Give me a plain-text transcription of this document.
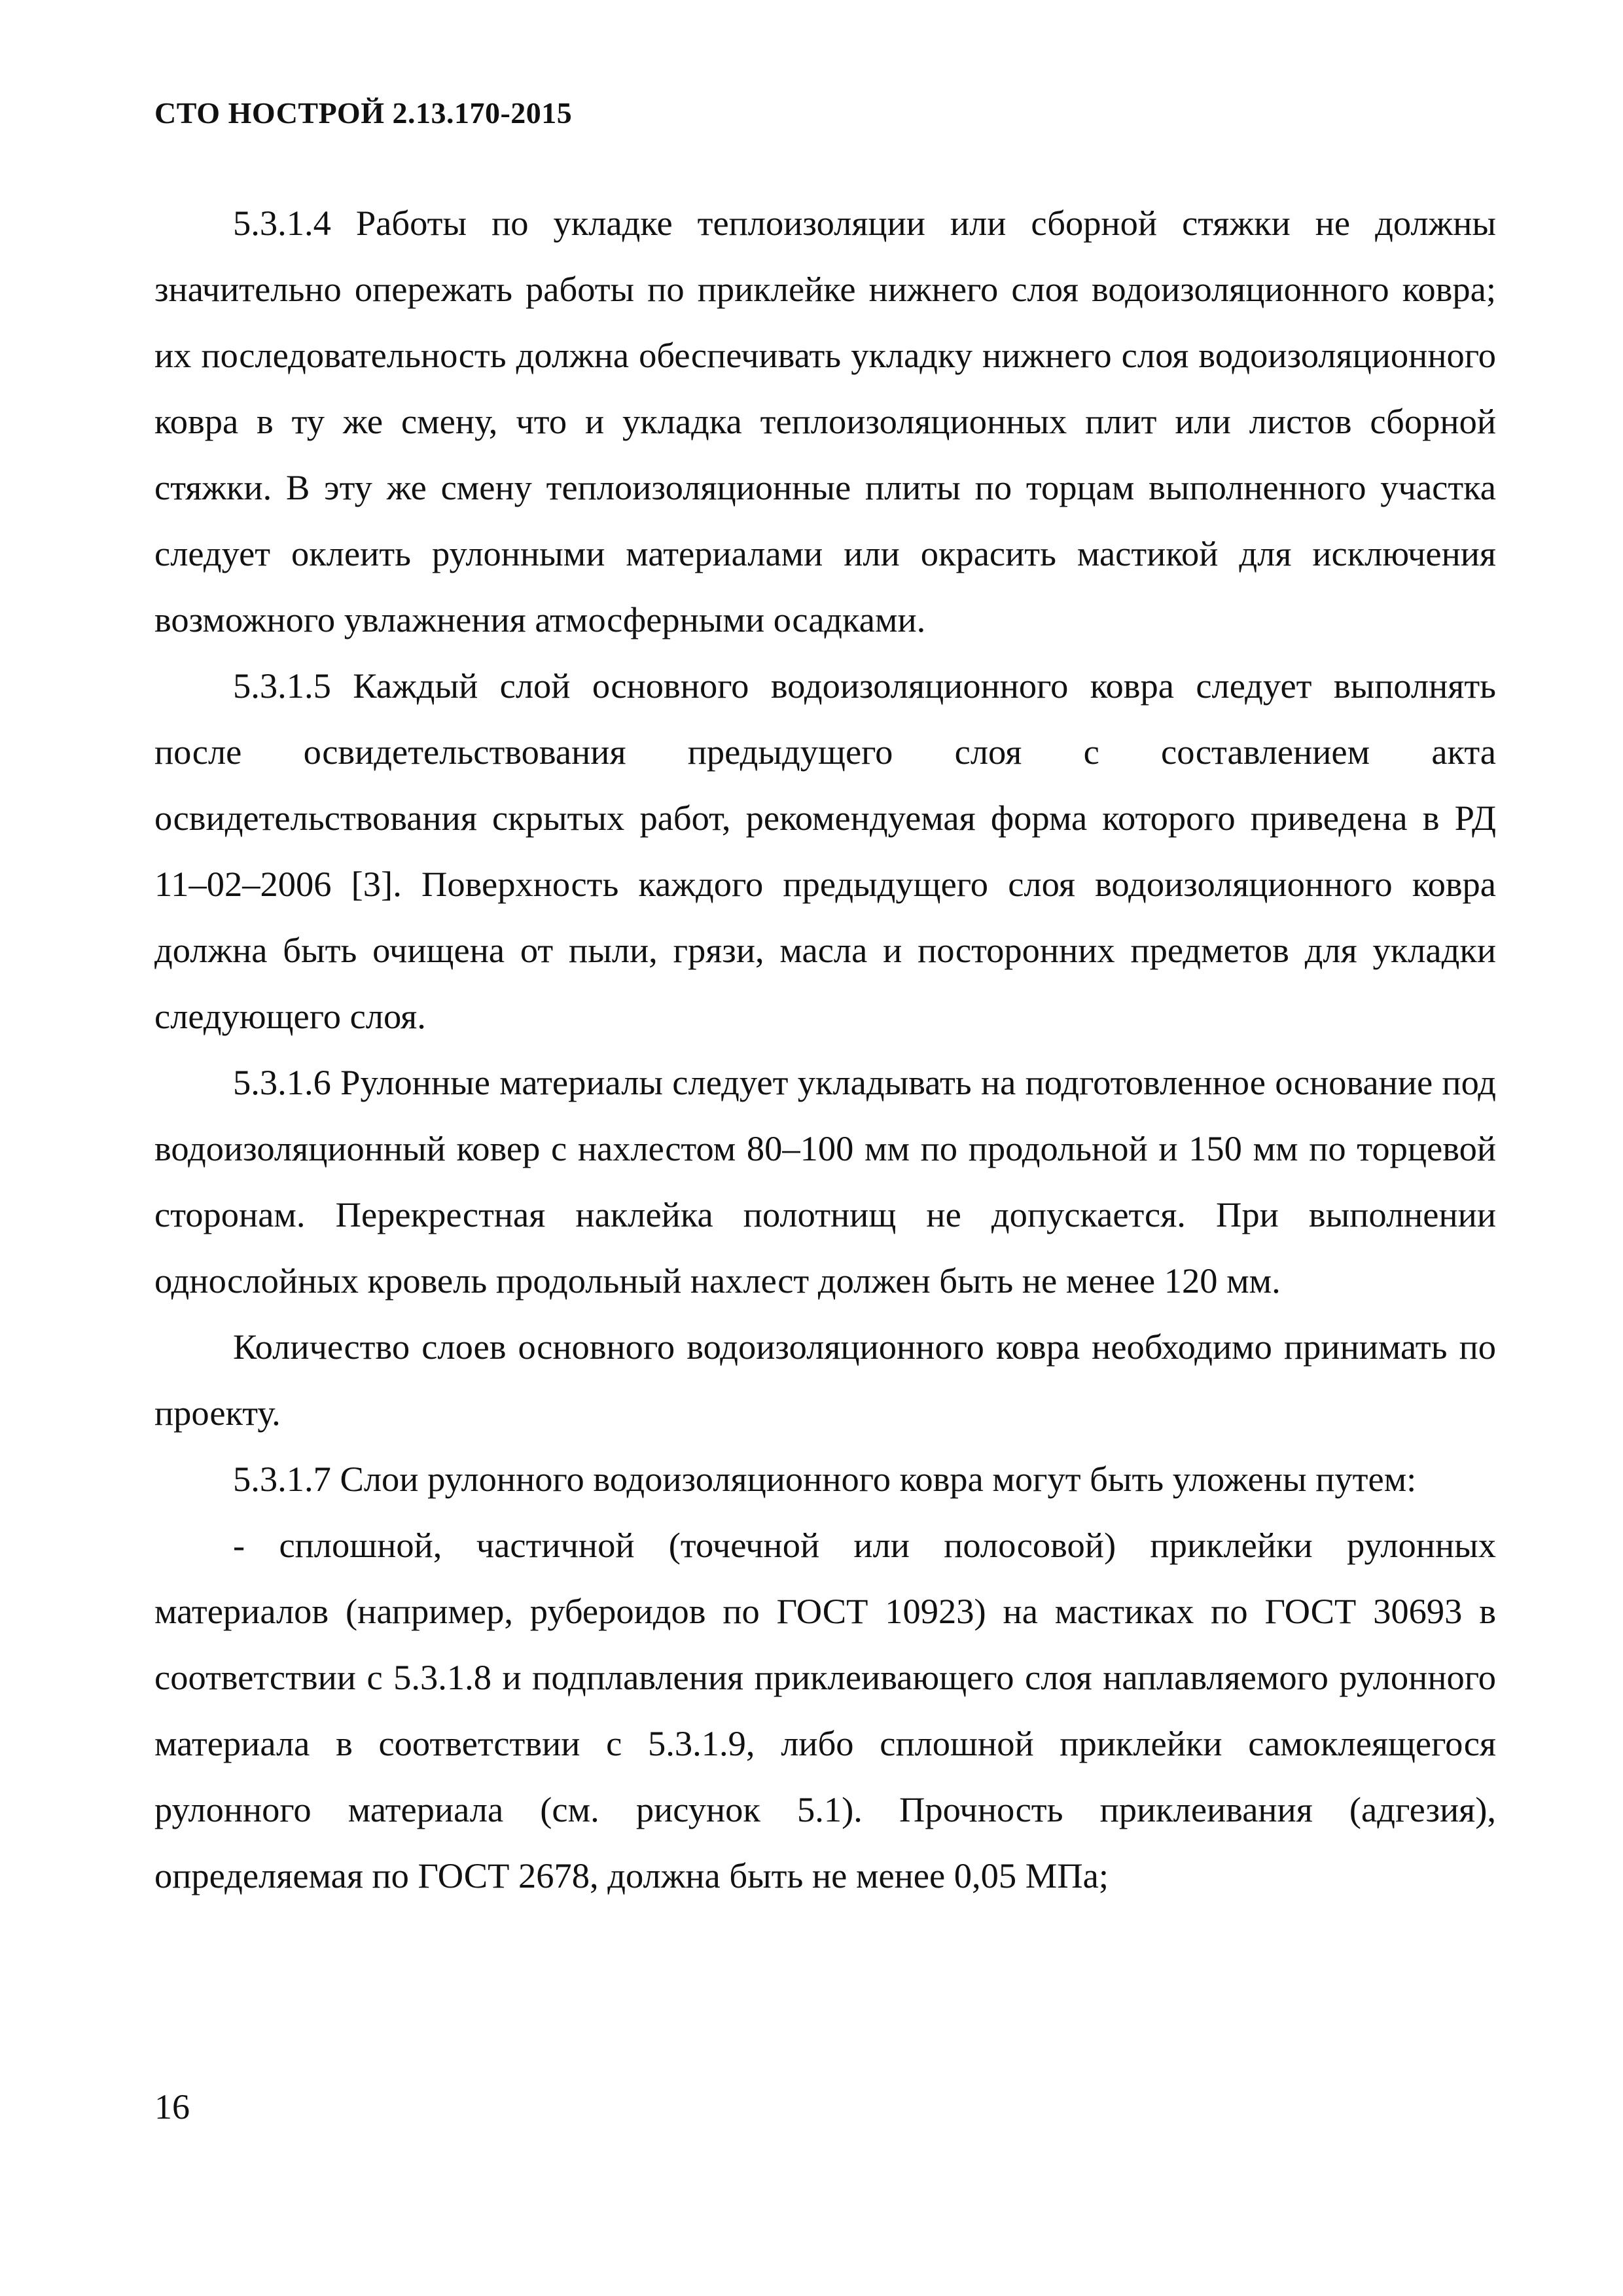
СТО НОСТРОЙ 2.13.170-2015

5.3.1.4 Работы по укладке теплоизоляции или сборной стяжки не должны значительно опережать работы по приклейке нижнего слоя водоизоляционного ковра; их последовательность должна обеспечивать укладку нижнего слоя водоизоляционного ковра в ту же смену, что и укладка теплоизоляционных плит или листов сборной стяжки. В эту же смену теплоизоляционные плиты по торцам выполненного участка следует оклеить рулонными материалами или окрасить мастикой для исключения возможного увлажнения атмосферными осадками.

5.3.1.5 Каждый слой основного водоизоляционного ковра следует выполнять после освидетельствования предыдущего слоя с составлением акта освидетельствования скрытых работ, рекомендуемая форма которого приведена в РД 11–02–2006 [3]. Поверхность каждого предыдущего слоя водоизоляционного ковра должна быть очищена от пыли, грязи, масла и посторонних предметов для укладки следующего слоя.

5.3.1.6 Рулонные материалы следует укладывать на подготовленное основание под водоизоляционный ковер с нахлестом 80–100 мм по продольной и 150 мм по торцевой сторонам. Перекрестная наклейка полотнищ не допускается. При выполнении однослойных кровель продольный нахлест должен быть не менее 120 мм.

Количество слоев основного водоизоляционного ковра необходимо принимать по проекту.

5.3.1.7 Слои рулонного водоизоляционного ковра могут быть уложены путем:

- сплошной, частичной (точечной или полосовой) приклейки рулонных материалов (например, рубероидов по ГОСТ 10923) на мастиках по ГОСТ 30693 в соответствии с 5.3.1.8 и подплавления приклеивающего слоя наплавляемого рулонного материала в соответствии с 5.3.1.9, либо сплошной приклейки самоклеящегося рулонного материала (см. рисунок 5.1). Прочность приклеивания (адгезия), определяемая по ГОСТ 2678, должна быть не менее 0,05 МПа;

16
